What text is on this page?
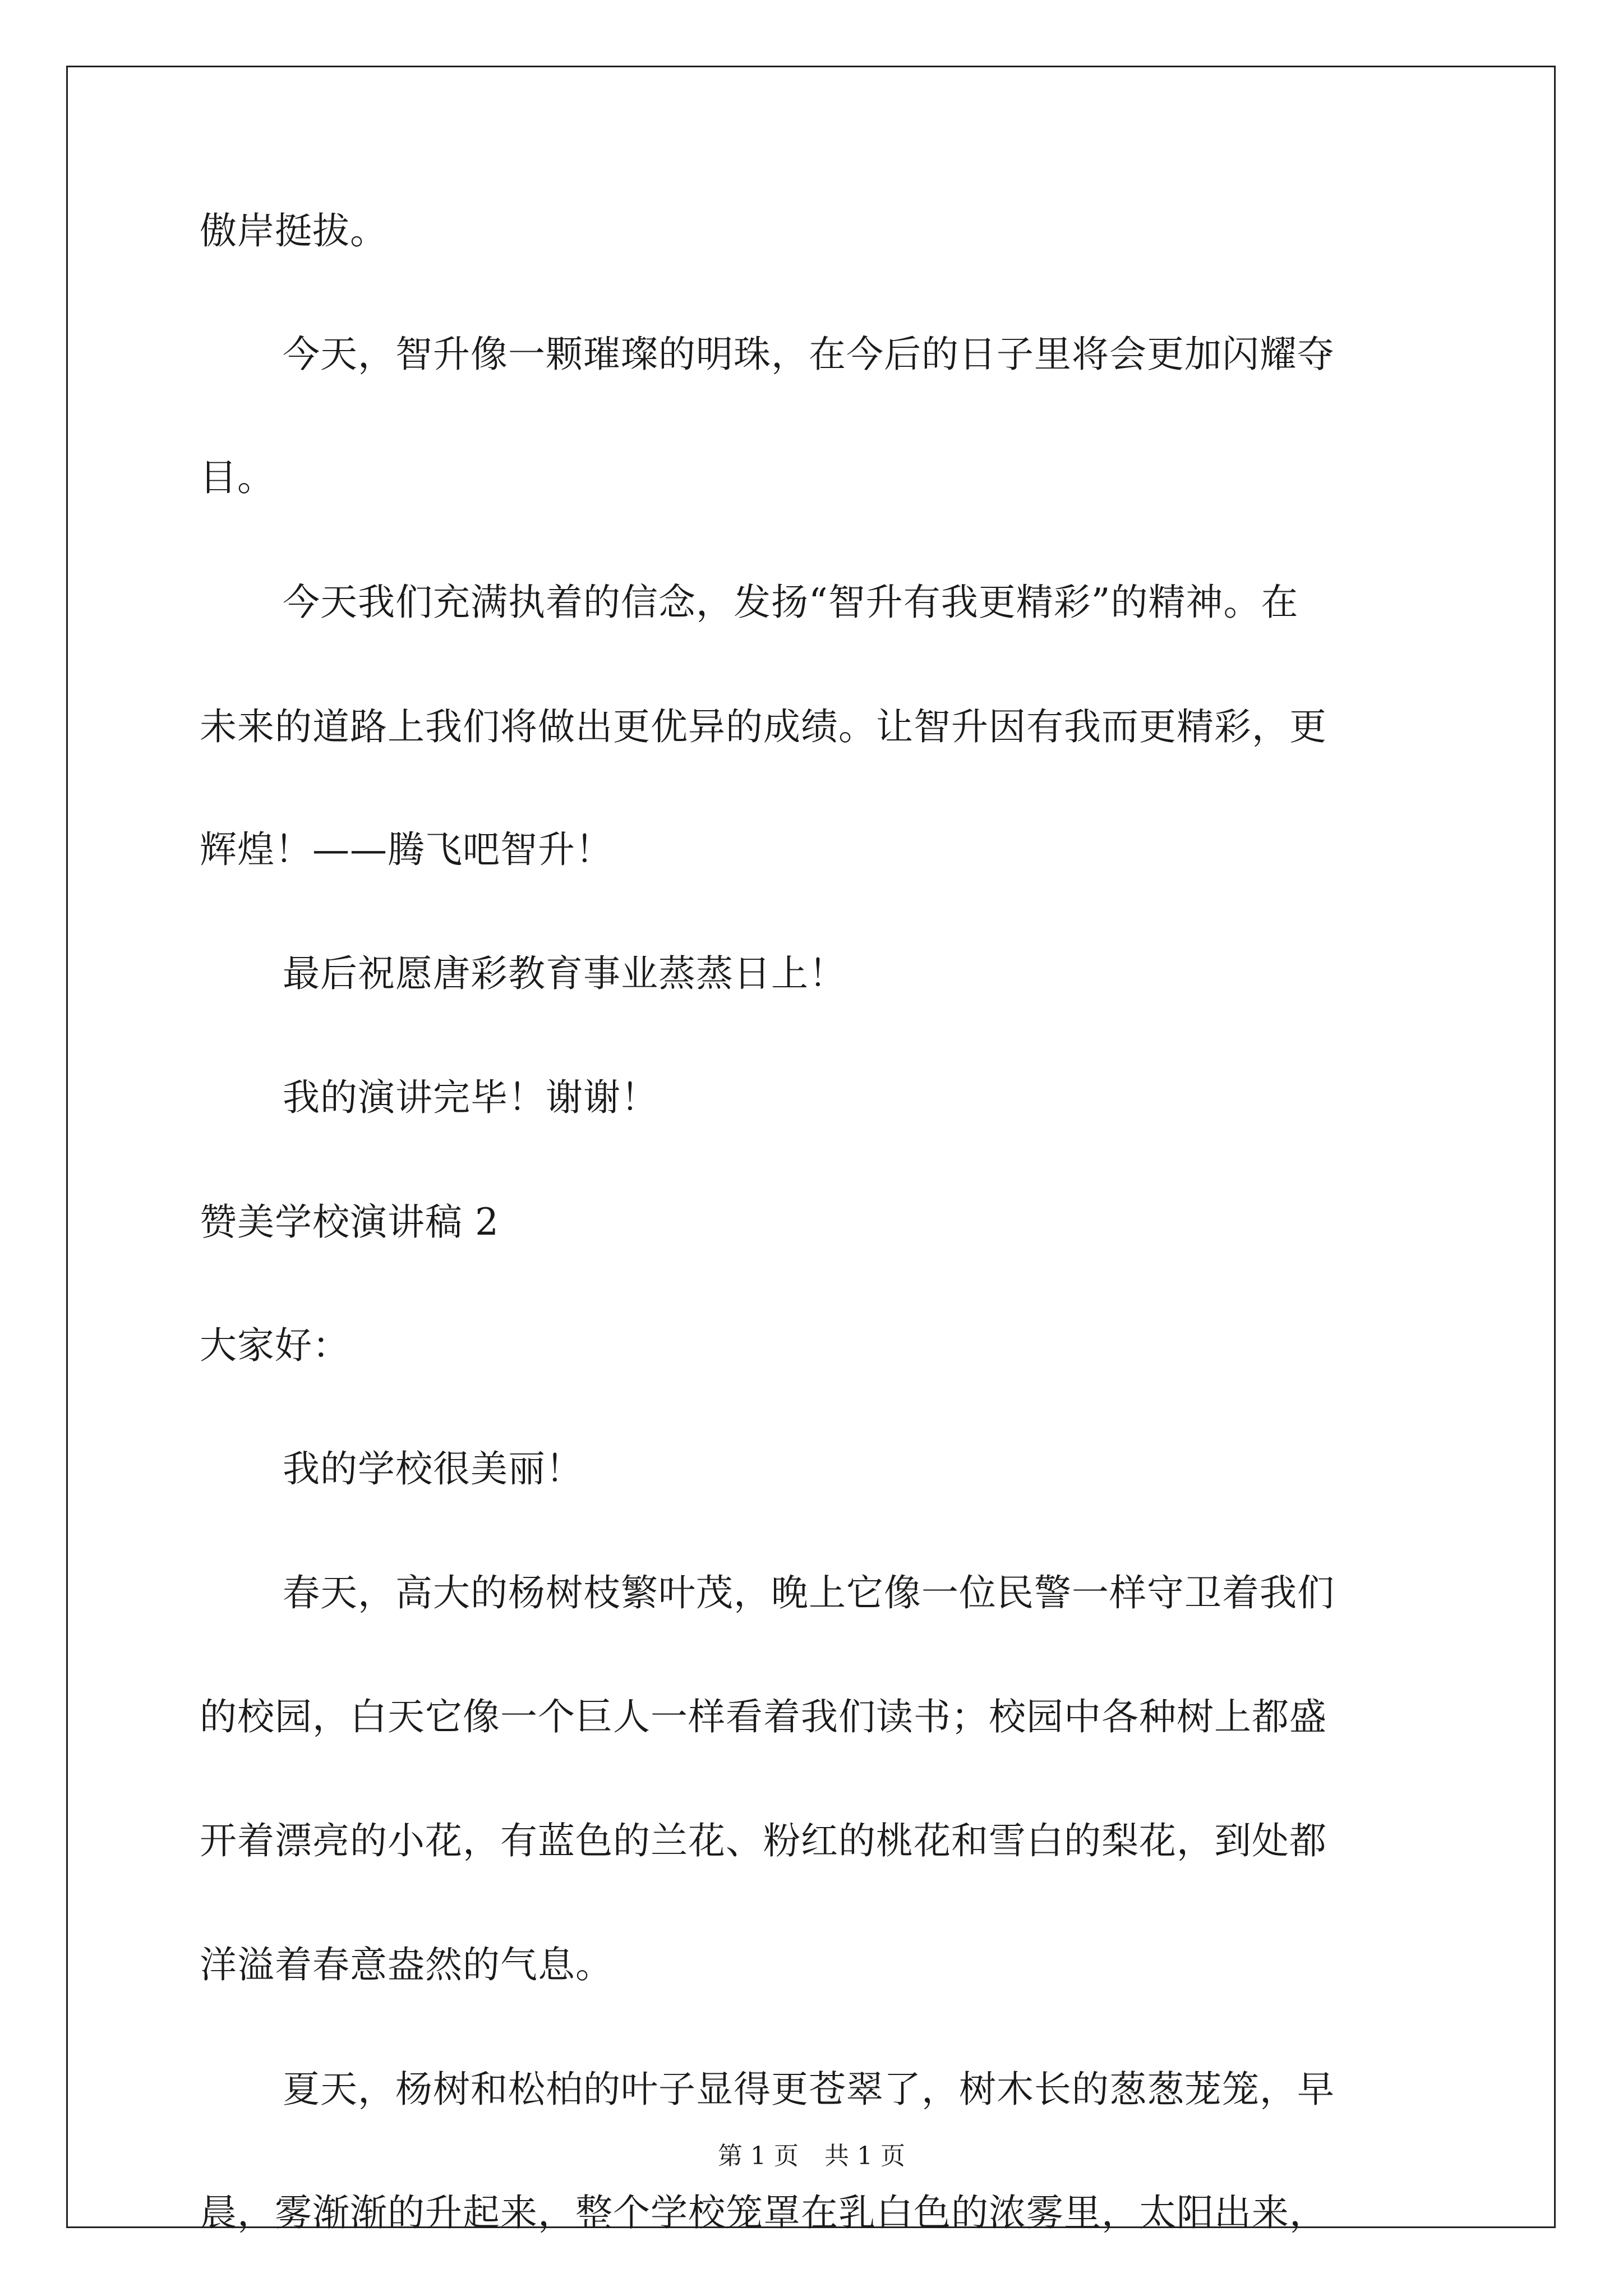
傲岸挺拔。
今天，智升像一颗璀璨的明珠，在今后的日子里将会更加闪耀夺
目。
今天我们充满执着的信念，发扬“智升有我更精彩”的精神。在
未来的道路上我们将做出更优异的成绩。让智升因有我而更精彩，更
辉煌！——腾飞吧智升！
最后祝愿唐彩教育事业蒸蒸日上！
我的演讲完毕！谢谢！
赞美学校演讲稿 2
大家好：
我的学校很美丽！
春天，高大的杨树枝繁叶茂，晚上它像一位民警一样守卫着我们
的校园，白天它像一个巨人一样看着我们读书；校园中各种树上都盛
开着漂亮的小花，有蓝色的兰花、粉红的桃花和雪白的梨花，到处都
洋溢着春意盎然的气息。
夏天，杨树和松柏的叶子显得更苍翠了，树木长的葱葱茏笼，早
晨，雾渐渐的升起来，整个学校笼罩在乳白色的浓雾里，太阳出来，
第 1 页 共 1 页
